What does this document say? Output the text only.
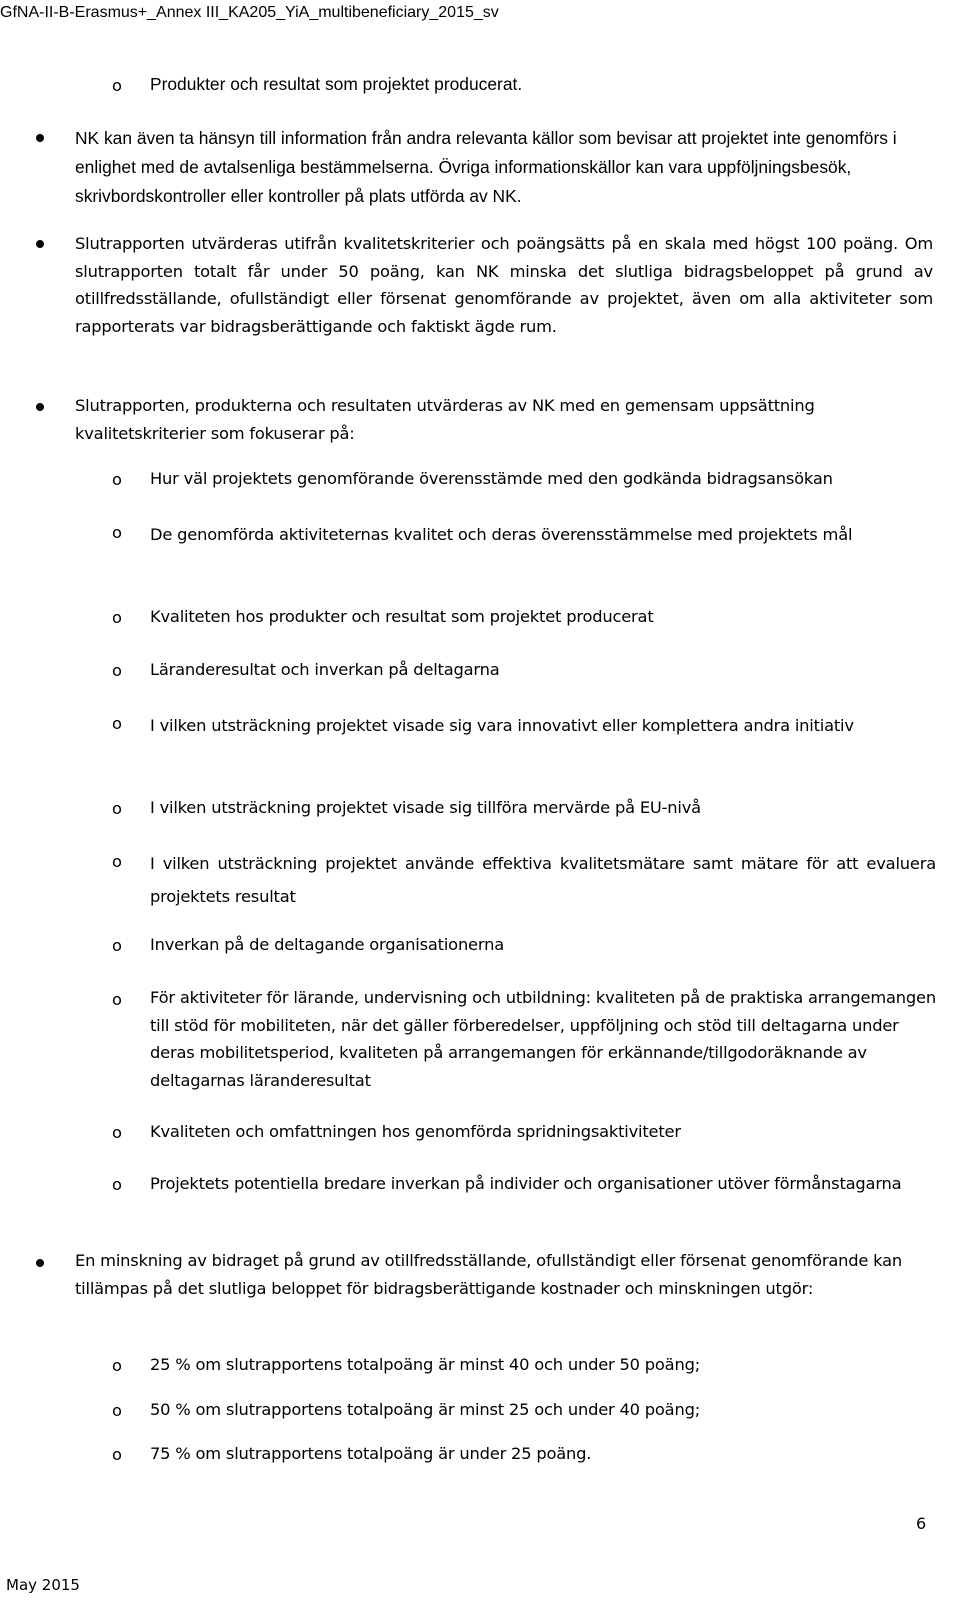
GfNA-II-B-Erasmus+_Annex III_KA205_YiA_multibeneficiary_2015_sv
o Produkter och resultat som projektet producerat.
NK kan även ta hänsyn till information från andra relevanta källor som bevisar att projektet inte genomförs i enlighet med de avtalsenliga bestämmelserna. Övriga informationskällor kan vara uppföljningsbesök, skrivbordskontroller eller kontroller på plats utförda av NK.
Slutrapporten utvärderas utifrån kvalitetskriterier och poängsätts på en skala med högst 100 poäng. Om slutrapporten totalt får under 50 poäng, kan NK minska det slutliga bidragsbeloppet på grund av otillfredsställande, ofullständigt eller försenat genomförande av projektet, även om alla aktiviteter som rapporterats var bidragsberättigande och faktiskt ägde rum.
Slutrapporten, produkterna och resultaten utvärderas av NK med en gemensam uppsättning kvalitetskriterier som fokuserar på:
o Hur väl projektets genomförande överensstämde med den godkända bidragsansökan
o De genomförda aktiviteternas kvalitet och deras överensstämmelse med projektets mål
o Kvaliteten hos produkter och resultat som projektet producerat
o Läranderesultat och inverkan på deltagarna
o I vilken utsträckning projektet visade sig vara innovativt eller komplettera andra initiativ
o I vilken utsträckning projektet visade sig tillföra mervärde på EU-nivå
o I vilken utsträckning projektet använde effektiva kvalitetsmätare samt mätare för att evaluera projektets resultat
o Inverkan på de deltagande organisationerna
o För aktiviteter för lärande, undervisning och utbildning: kvaliteten på de praktiska arrangemangen till stöd för mobiliteten, när det gäller förberedelser, uppföljning och stöd till deltagarna under deras mobilitetsperiod, kvaliteten på arrangemangen för erkännande/tillgodoräknande av deltagarnas läranderesultat
o Kvaliteten och omfattningen hos genomförda spridningsaktiviteter
o Projektets potentiella bredare inverkan på individer och organisationer utöver förmånstagarna
En minskning av bidraget på grund av otillfredsställande, ofullständigt eller försenat genomförande kan tillämpas på det slutliga beloppet för bidragsberättigande kostnader och minskningen utgör:
o 25 % om slutrapportens totalpoäng är minst 40 och under 50 poäng;
o 50 % om slutrapportens totalpoäng är minst 25 och under 40 poäng;
o 75 % om slutrapportens totalpoäng är under 25 poäng.
6
May 2015
